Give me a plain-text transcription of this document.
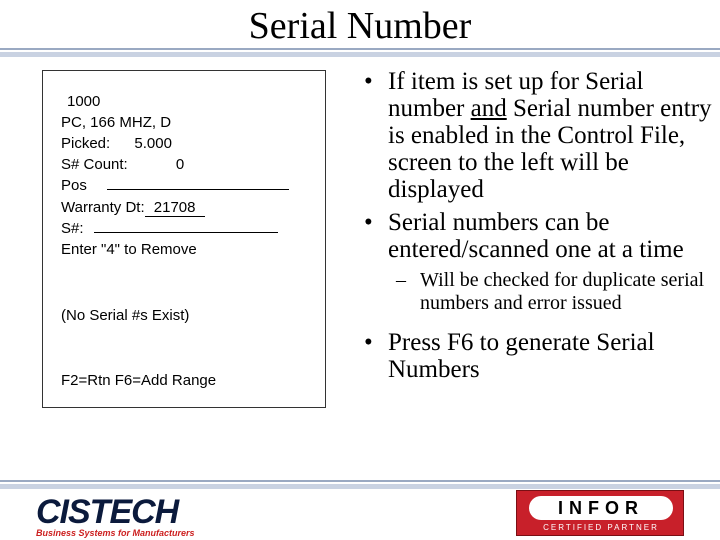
Serial Number
1000
PC, 166 MHZ, D
Picked: 5.000
S# Count:	0
Pos
Warranty Dt: 21708
S#:
Enter "4" to Remove
(No Serial #s Exist)
F2=Rtn F6=Add Range
• If item is set up for Serial number and Serial number entry is enabled in the Control File, screen to the left will be displayed
• Serial numbers can be entered/scanned one at a time
– Will be checked for duplicate serial numbers and error issued
• Press F6 to generate Serial Numbers
CISTECH
Business Systems for Manufacturers
INFOR
CERTIFIED PARTNER
